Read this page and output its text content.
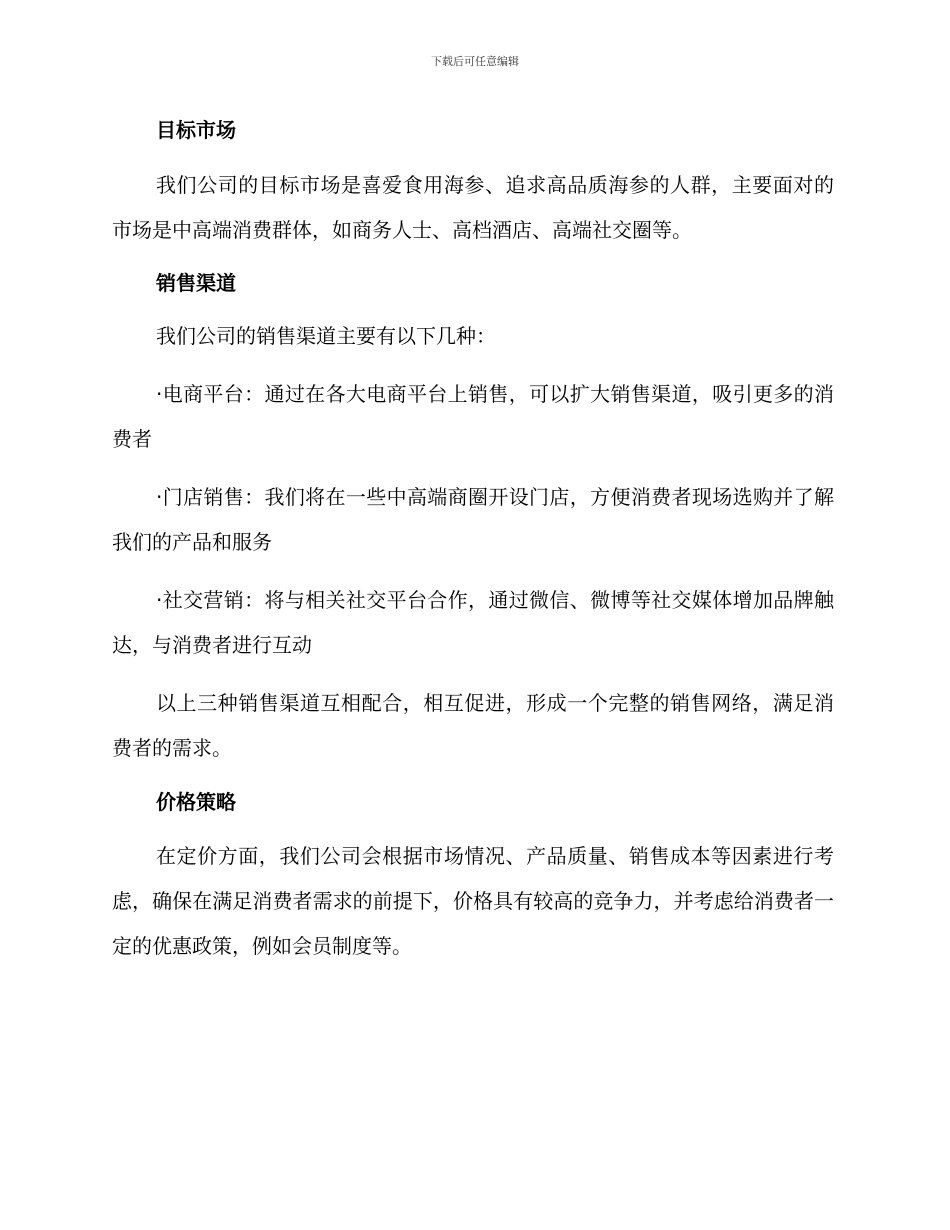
下载后可任意编辑
目标市场

我们公司的目标市场是喜爱食用海参、追求高品质海参的人群，主要面对的市场是中高端消费群体，如商务人士、高档酒店、高端社交圈等。

销售渠道

我们公司的销售渠道主要有以下几种：

·电商平台：通过在各大电商平台上销售，可以扩大销售渠道，吸引更多的消费者

·门店销售：我们将在一些中高端商圈开设门店，方便消费者现场选购并了解我们的产品和服务

·社交营销：将与相关社交平台合作，通过微信、微博等社交媒体增加品牌触达，与消费者进行互动

以上三种销售渠道互相配合，相互促进，形成一个完整的销售网络，满足消费者的需求。

价格策略

在定价方面，我们公司会根据市场情况、产品质量、销售成本等因素进行考虑，确保在满足消费者需求的前提下，价格具有较高的竞争力，并考虑给消费者一定的优惠政策，例如会员制度等。
